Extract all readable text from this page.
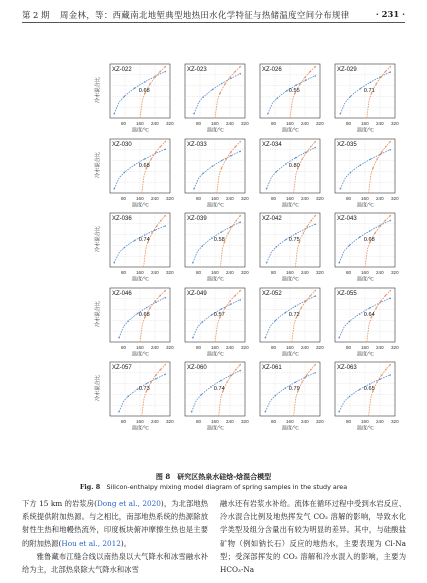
第 2 期 周金林，等：西藏南北地堑典型地热田水化学特征与热储温度空间分布规律	· 231 ·
XZ-022
0.68
80 160 240 320
温度/°C
冷水混合比
XZ-023
80 160 240 320
温度/°C
XZ-026
0.55
80 160 240 320
温度/°C
XZ-029
0.71
80 160 240 320
温度/°C
XZ-030
0.68
80 160 240 320
温度/°C
冷水混合比
XZ-033
80 160 240 320
温度/°C
XZ-034
0.80
80 160 240 320
温度/°C
XZ-035
80 160 240 320
温度/°C
XZ-036
0.74
80 160 240 320
温度/°C
冷水混合比
XZ-039
0.58
80 160 240 320
温度/°C
XZ-042
0.75
80 160 240 320
温度/°C
XZ-043
0.68
80 160 240 320
温度/°C
XZ-046
0.68
80 160 240 320
温度/°C
冷水混合比
XZ-049
0.57
80 160 240 320
温度/°C
XZ-052
0.72
80 160 240 320
温度/°C
XZ-055
0.64
80 160 240 320
温度/°C
XZ-057
0.73
80 160 240 320
温度/°C
冷水混合比
XZ-060
0.74
80 160 240 320
温度/°C
XZ-061
0.79
80 160 240 320
温度/°C
XZ-063
0.65
80 160 240 320
温度/°C
图 8　研究区热泉水硅焓-焓混合模型
Fig. 8　Silicon-enthalpy mixing model diagram of spring samples in the study area

下方 15 km 的岩浆房(Dong et al., 2020)，为北部地热系统提供附加热源。与之相比，南部地热系统的热源除放射性生热和地幔热流外，印度板块俯冲摩擦生热也是主要的附加热源(Hou et al., 2012)。

雅鲁藏布江缝合线以南热泉以大气降水和冰雪融水补给为主，北部热泉除大气降水和冰雪

融水还有岩浆水补给。流体在循环过程中受到水岩反应、冷水混合比例及地热挥发气 CO₂ 溶解的影响，导致水化学类型及组分含量出有较为明显的差异。其中，与硅酸盐矿物（例如钠长石）反应的地热水，主要表现为 Cl-Na 型；受深部挥发的 CO₂ 溶解和冷水混入的影响，主要为 HCO₃-Na
